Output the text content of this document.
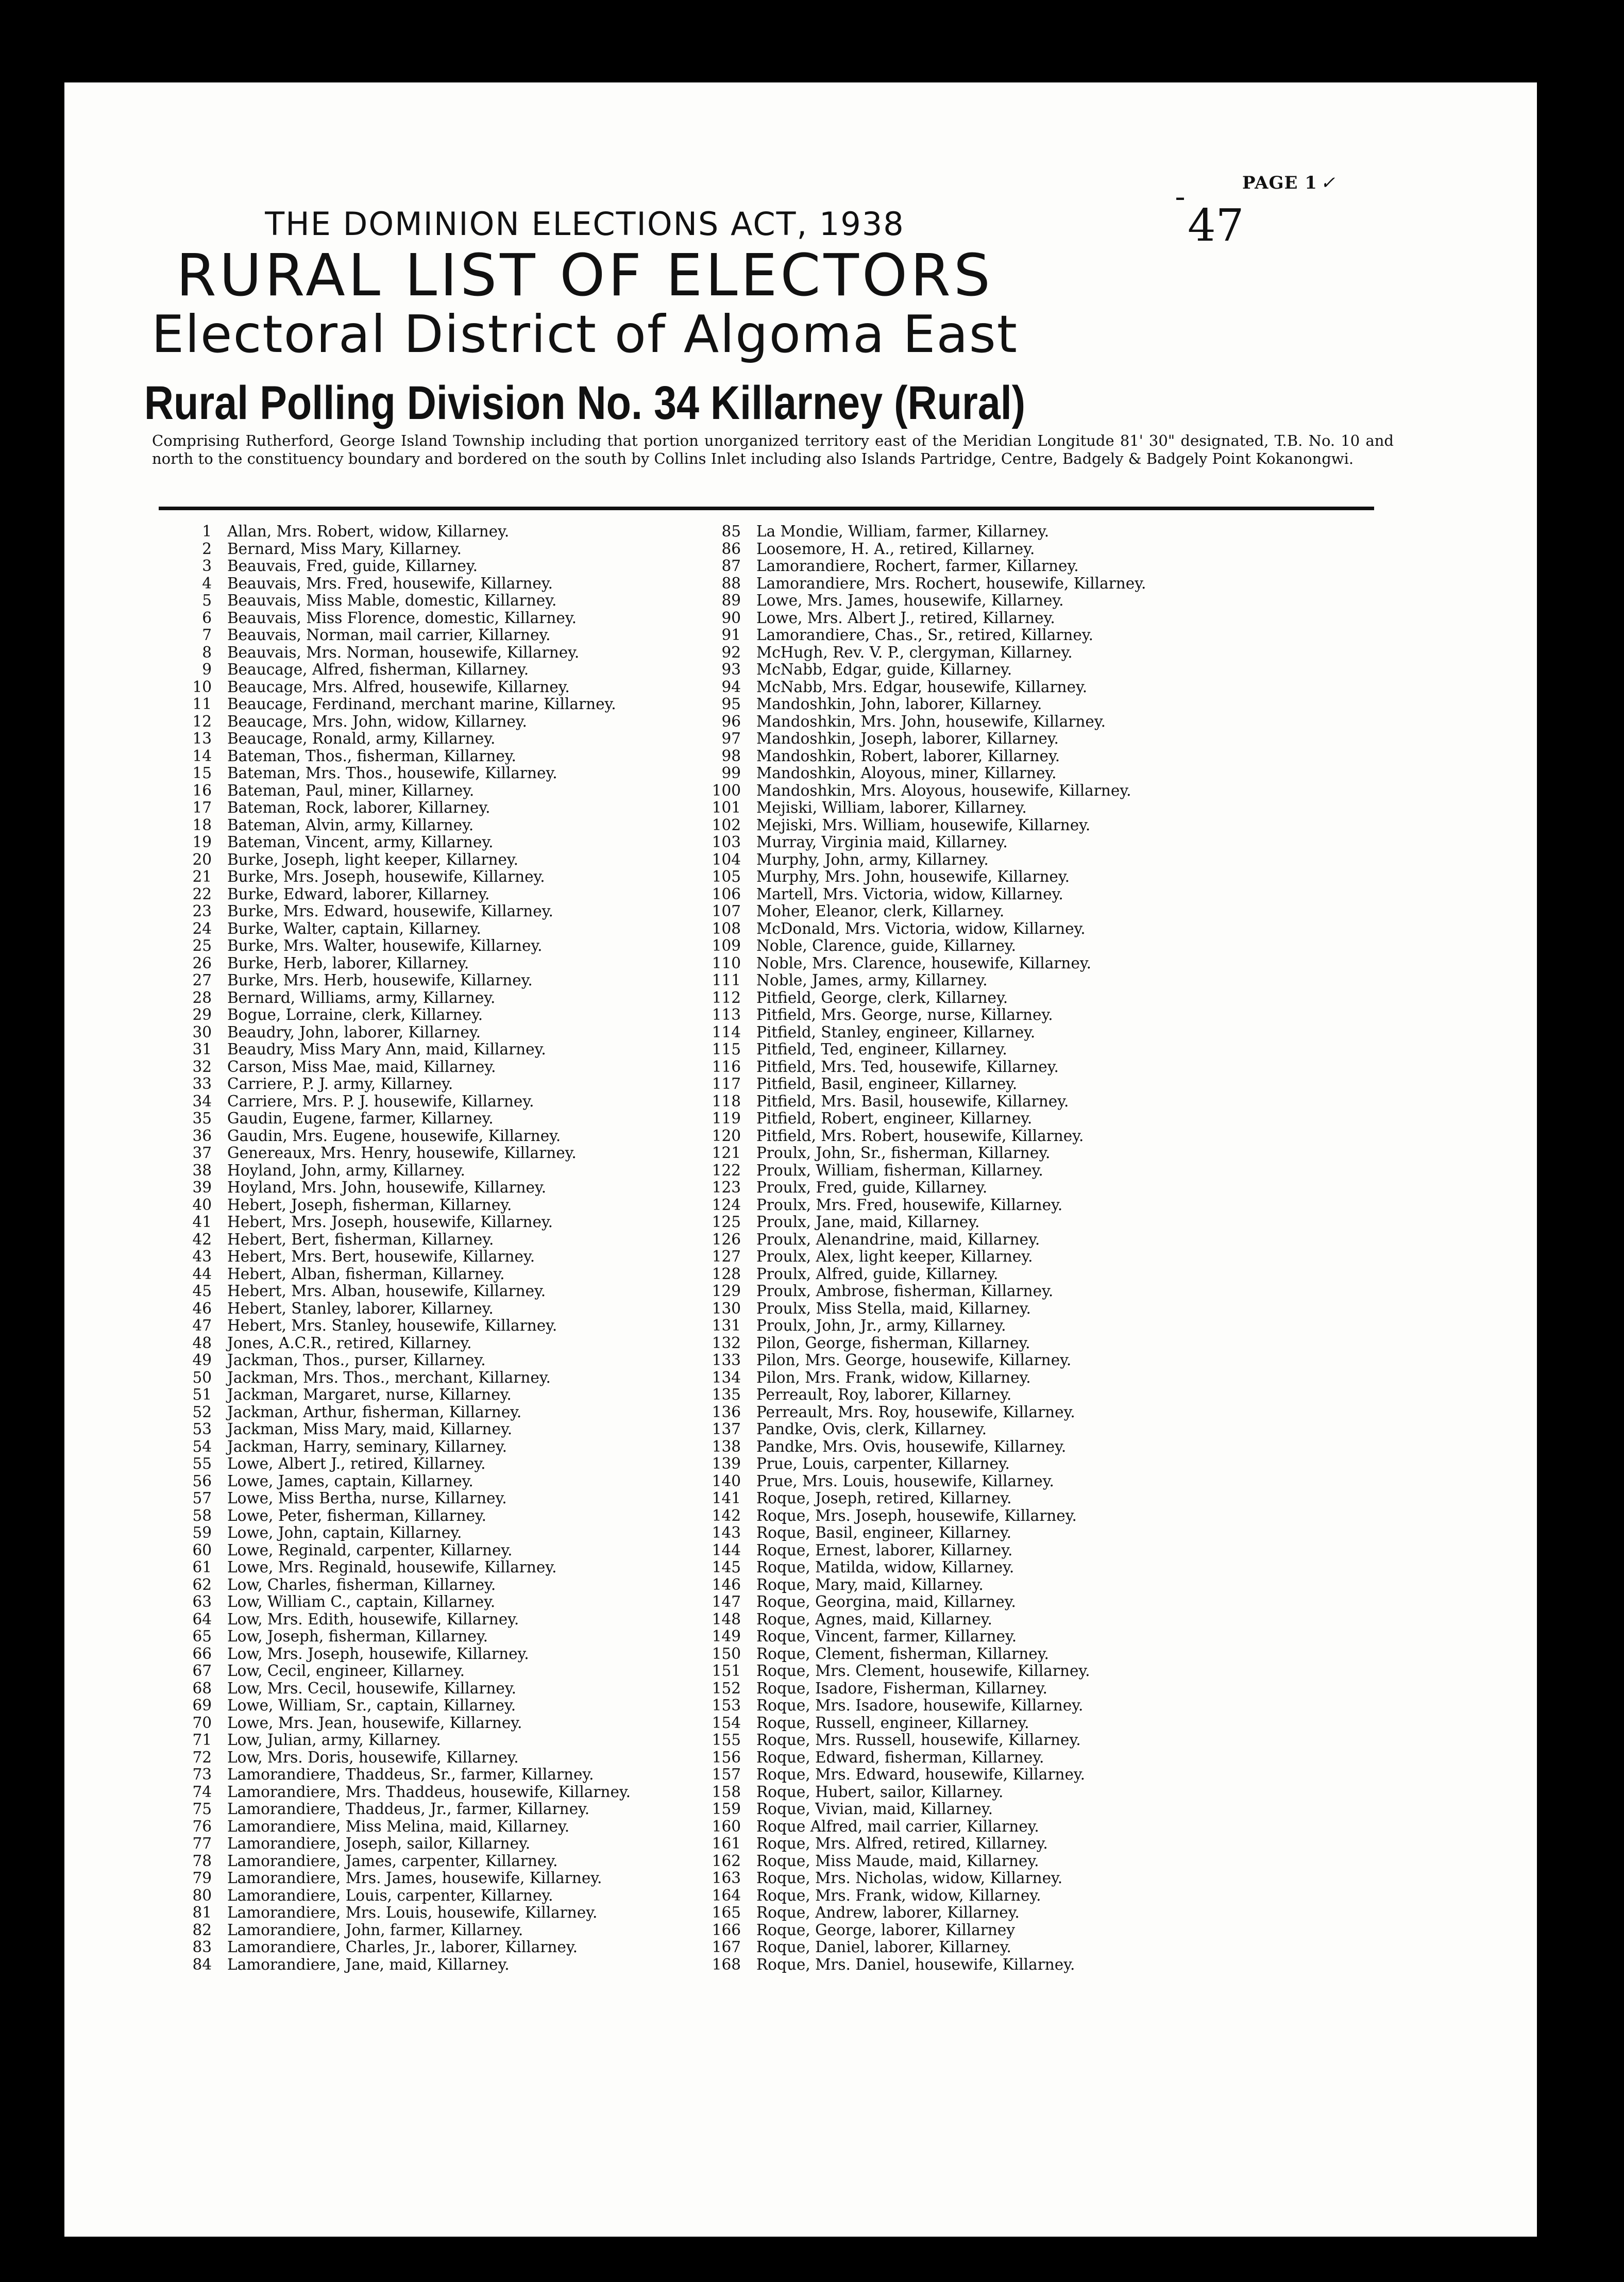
PAGE 1 ✓
–
47
THE DOMINION ELECTIONS ACT, 1938
RURAL LIST OF ELECTORS
Electoral District of Algoma East
Rural Polling Division No. 34 Killarney (Rural)
Comprising Rutherford, George Island Township including that portion unorganized territory east of the Meridian Longitude 81' 30" designated, T.B. No. 10 and north to the constituency boundary and bordered on the south by Collins Inlet including also Islands Partridge, Centre, Badgely & Badgely Point Kokanongwi.
1 Allan, Mrs. Robert, widow, Killarney.
2 Bernard, Miss Mary, Killarney.
3 Beauvais, Fred, guide, Killarney.
4 Beauvais, Mrs. Fred, housewife, Killarney.
5 Beauvais, Miss Mable, domestic, Killarney.
6 Beauvais, Miss Florence, domestic, Killarney.
7 Beauvais, Norman, mail carrier, Killarney.
8 Beauvais, Mrs. Norman, housewife, Killarney.
9 Beaucage, Alfred, fisherman, Killarney.
10 Beaucage, Mrs. Alfred, housewife, Killarney.
11 Beaucage, Ferdinand, merchant marine, Killarney.
12 Beaucage, Mrs. John, widow, Killarney.
13 Beaucage, Ronald, army, Killarney.
14 Bateman, Thos., fisherman, Killarney.
15 Bateman, Mrs. Thos., housewife, Killarney.
16 Bateman, Paul, miner, Killarney.
17 Bateman, Rock, laborer, Killarney.
18 Bateman, Alvin, army, Killarney.
19 Bateman, Vincent, army, Killarney.
20 Burke, Joseph, light keeper, Killarney.
21 Burke, Mrs. Joseph, housewife, Killarney.
22 Burke, Edward, laborer, Killarney.
23 Burke, Mrs. Edward, housewife, Killarney.
24 Burke, Walter, captain, Killarney.
25 Burke, Mrs. Walter, housewife, Killarney.
26 Burke, Herb, laborer, Killarney.
27 Burke, Mrs. Herb, housewife, Killarney.
28 Bernard, Williams, army, Killarney.
29 Bogue, Lorraine, clerk, Killarney.
30 Beaudry, John, laborer, Killarney.
31 Beaudry, Miss Mary Ann, maid, Killarney.
32 Carson, Miss Mae, maid, Killarney.
33 Carriere, P. J. army, Killarney.
34 Carriere, Mrs. P. J. housewife, Killarney.
35 Gaudin, Eugene, farmer, Killarney.
36 Gaudin, Mrs. Eugene, housewife, Killarney.
37 Genereaux, Mrs. Henry, housewife, Killarney.
38 Hoyland, John, army, Killarney.
39 Hoyland, Mrs. John, housewife, Killarney.
40 Hebert, Joseph, fisherman, Killarney.
41 Hebert, Mrs. Joseph, housewife, Killarney.
42 Hebert, Bert, fisherman, Killarney.
43 Hebert, Mrs. Bert, housewife, Killarney.
44 Hebert, Alban, fisherman, Killarney.
45 Hebert, Mrs. Alban, housewife, Killarney.
46 Hebert, Stanley, laborer, Killarney.
47 Hebert, Mrs. Stanley, housewife, Killarney.
48 Jones, A.C.R., retired, Killarney.
49 Jackman, Thos., purser, Killarney.
50 Jackman, Mrs. Thos., merchant, Killarney.
51 Jackman, Margaret, nurse, Killarney.
52 Jackman, Arthur, fisherman, Killarney.
53 Jackman, Miss Mary, maid, Killarney.
54 Jackman, Harry, seminary, Killarney.
55 Lowe, Albert J., retired, Killarney.
56 Lowe, James, captain, Killarney.
57 Lowe, Miss Bertha, nurse, Killarney.
58 Lowe, Peter, fisherman, Killarney.
59 Lowe, John, captain, Killarney.
60 Lowe, Reginald, carpenter, Killarney.
61 Lowe, Mrs. Reginald, housewife, Killarney.
62 Low, Charles, fisherman, Killarney.
63 Low, William C., captain, Killarney.
64 Low, Mrs. Edith, housewife, Killarney.
65 Low, Joseph, fisherman, Killarney.
66 Low, Mrs. Joseph, housewife, Killarney.
67 Low, Cecil, engineer, Killarney.
68 Low, Mrs. Cecil, housewife, Killarney.
69 Lowe, William, Sr., captain, Killarney.
70 Lowe, Mrs. Jean, housewife, Killarney.
71 Low, Julian, army, Killarney.
72 Low, Mrs. Doris, housewife, Killarney.
73 Lamorandiere, Thaddeus, Sr., farmer, Killarney.
74 Lamorandiere, Mrs. Thaddeus, housewife, Killarney.
75 Lamorandiere, Thaddeus, Jr., farmer, Killarney.
76 Lamorandiere, Miss Melina, maid, Killarney.
77 Lamorandiere, Joseph, sailor, Killarney.
78 Lamorandiere, James, carpenter, Killarney.
79 Lamorandiere, Mrs. James, housewife, Killarney.
80 Lamorandiere, Louis, carpenter, Killarney.
81 Lamorandiere, Mrs. Louis, housewife, Killarney.
82 Lamorandiere, John, farmer, Killarney.
83 Lamorandiere, Charles, Jr., laborer, Killarney.
84 Lamorandiere, Jane, maid, Killarney.
85 La Mondie, William, farmer, Killarney.
86 Loosemore, H. A., retired, Killarney.
87 Lamorandiere, Rochert, farmer, Killarney.
88 Lamorandiere, Mrs. Rochert, housewife, Killarney.
89 Lowe, Mrs. James, housewife, Killarney.
90 Lowe, Mrs. Albert J., retired, Killarney.
91 Lamorandiere, Chas., Sr., retired, Killarney.
92 McHugh, Rev. V. P., clergyman, Killarney.
93 McNabb, Edgar, guide, Killarney.
94 McNabb, Mrs. Edgar, housewife, Killarney.
95 Mandoshkin, John, laborer, Killarney.
96 Mandoshkin, Mrs. John, housewife, Killarney.
97 Mandoshkin, Joseph, laborer, Killarney.
98 Mandoshkin, Robert, laborer, Killarney.
99 Mandoshkin, Aloyous, miner, Killarney.
100 Mandoshkin, Mrs. Aloyous, housewife, Killarney.
101 Mejiski, William, laborer, Killarney.
102 Mejiski, Mrs. William, housewife, Killarney.
103 Murray, Virginia maid, Killarney.
104 Murphy, John, army, Killarney.
105 Murphy, Mrs. John, housewife, Killarney.
106 Martell, Mrs. Victoria, widow, Killarney.
107 Moher, Eleanor, clerk, Killarney.
108 McDonald, Mrs. Victoria, widow, Killarney.
109 Noble, Clarence, guide, Killarney.
110 Noble, Mrs. Clarence, housewife, Killarney.
111 Noble, James, army, Killarney.
112 Pitfield, George, clerk, Killarney.
113 Pitfield, Mrs. George, nurse, Killarney.
114 Pitfield, Stanley, engineer, Killarney.
115 Pitfield, Ted, engineer, Killarney.
116 Pitfield, Mrs. Ted, housewife, Killarney.
117 Pitfield, Basil, engineer, Killarney.
118 Pitfield, Mrs. Basil, housewife, Killarney.
119 Pitfield, Robert, engineer, Killarney.
120 Pitfield, Mrs. Robert, housewife, Killarney.
121 Proulx, John, Sr., fisherman, Killarney.
122 Proulx, William, fisherman, Killarney.
123 Proulx, Fred, guide, Killarney.
124 Proulx, Mrs. Fred, housewife, Killarney.
125 Proulx, Jane, maid, Killarney.
126 Proulx, Alenandrine, maid, Killarney.
127 Proulx, Alex, light keeper, Killarney.
128 Proulx, Alfred, guide, Killarney.
129 Proulx, Ambrose, fisherman, Killarney.
130 Proulx, Miss Stella, maid, Killarney.
131 Proulx, John, Jr., army, Killarney.
132 Pilon, George, fisherman, Killarney.
133 Pilon, Mrs. George, housewife, Killarney.
134 Pilon, Mrs. Frank, widow, Killarney.
135 Perreault, Roy, laborer, Killarney.
136 Perreault, Mrs. Roy, housewife, Killarney.
137 Pandke, Ovis, clerk, Killarney.
138 Pandke, Mrs. Ovis, housewife, Killarney.
139 Prue, Louis, carpenter, Killarney.
140 Prue, Mrs. Louis, housewife, Killarney.
141 Roque, Joseph, retired, Killarney.
142 Roque, Mrs. Joseph, housewife, Killarney.
143 Roque, Basil, engineer, Killarney.
144 Roque, Ernest, laborer, Killarney.
145 Roque, Matilda, widow, Killarney.
146 Roque, Mary, maid, Killarney.
147 Roque, Georgina, maid, Killarney.
148 Roque, Agnes, maid, Killarney.
149 Roque, Vincent, farmer, Killarney.
150 Roque, Clement, fisherman, Killarney.
151 Roque, Mrs. Clement, housewife, Killarney.
152 Roque, Isadore, Fisherman, Killarney.
153 Roque, Mrs. Isadore, housewife, Killarney.
154 Roque, Russell, engineer, Killarney.
155 Roque, Mrs. Russell, housewife, Killarney.
156 Roque, Edward, fisherman, Killarney.
157 Roque, Mrs. Edward, housewife, Killarney.
158 Roque, Hubert, sailor, Killarney.
159 Roque, Vivian, maid, Killarney.
160 Roque Alfred, mail carrier, Killarney.
161 Roque, Mrs. Alfred, retired, Killarney.
162 Roque, Miss Maude, maid, Killarney.
163 Roque, Mrs. Nicholas, widow, Killarney.
164 Roque, Mrs. Frank, widow, Killarney.
165 Roque, Andrew, laborer, Killarney.
166 Roque, George, laborer, Killarney
167 Roque, Daniel, laborer, Killarney.
168 Roque, Mrs. Daniel, housewife, Killarney.
